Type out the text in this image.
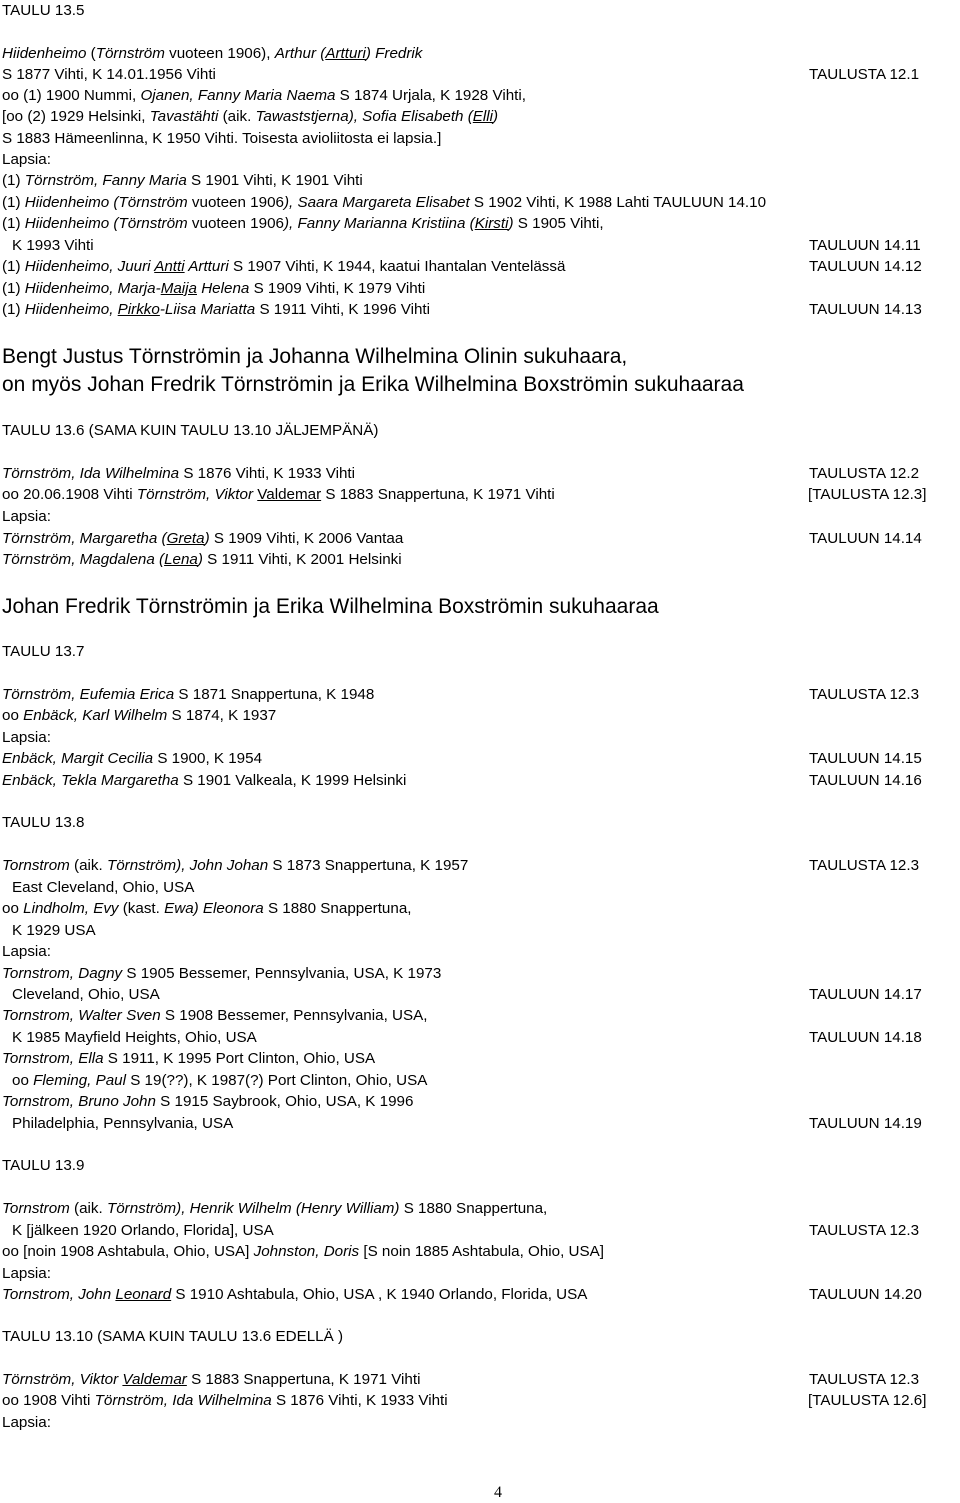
4
TAULU 13.5
Hiidenheimo (Törnström vuoteen 1906), Arthur (Artturi) Fredrik
S 1877 Vihti, K 14.01.1956 Vihti	TAULUSTA 12.1
oo (1) 1900 Nummi, Ojanen, Fanny Maria Naema S 1874 Urjala, K 1928 Vihti,
[oo (2) 1929 Helsinki, Tavastähti (aik. Tawaststjerna), Sofia Elisabeth (Elli)
S 1883 Hämeenlinna, K 1950 Vihti. Toisesta avioliitosta ei lapsia.]
Lapsia:
(1) Törnström, Fanny Maria S 1901 Vihti, K 1901 Vihti
(1) Hiidenheimo (Törnström vuoteen 1906), Saara Margareta Elisabet S 1902 Vihti, K 1988 Lahti TAULUUN 14.10
(1) Hiidenheimo (Törnström vuoteen 1906), Fanny Marianna Kristiina (Kirsti) S 1905 Vihti,
K 1993 Vihti	TAULUUN 14.11
(1) Hiidenheimo, Juuri Antti Artturi S 1907 Vihti, K 1944, kaatui Ihantalan Ventelässä	TAULUUN 14.12
(1) Hiidenheimo, Marja-Maija Helena S 1909 Vihti, K 1979 Vihti
(1) Hiidenheimo, Pirkko-Liisa Mariatta S 1911 Vihti, K 1996 Vihti	TAULUUN 14.13
Bengt Justus Törnströmin ja Johanna Wilhelmina Olinin sukuhaara,
on myös Johan Fredrik Törnströmin ja Erika Wilhelmina Boxströmin sukuhaaraa
TAULU 13.6 (SAMA KUIN TAULU 13.10 JÄLJEMPÄNÄ)
Törnström, Ida Wilhelmina S 1876 Vihti, K 1933 Vihti	TAULUSTA 12.2
oo 20.06.1908 Vihti Törnström, Viktor Valdemar S 1883 Snappertuna, K 1971 Vihti	[TAULUSTA 12.3]
Lapsia:
Törnström, Margaretha (Greta) S 1909 Vihti, K 2006 Vantaa	TAULUUN 14.14
Törnström, Magdalena (Lena) S 1911 Vihti, K 2001 Helsinki
Johan Fredrik Törnströmin ja Erika Wilhelmina Boxströmin sukuhaaraa
TAULU 13.7
Törnström, Eufemia Erica S 1871 Snappertuna, K 1948	TAULUSTA 12.3
oo Enbäck, Karl Wilhelm S 1874, K 1937
Lapsia:
Enbäck, Margit Cecilia S 1900, K 1954	TAULUUN 14.15
Enbäck, Tekla Margaretha S 1901 Valkeala, K 1999 Helsinki	TAULUUN 14.16
TAULU 13.8
Tornstrom (aik. Törnström), John Johan S 1873 Snappertuna, K 1957	TAULUSTA 12.3
East Cleveland, Ohio, USA
oo Lindholm, Evy (kast. Ewa) Eleonora S 1880 Snappertuna,
K 1929 USA
Lapsia:
Tornstrom, Dagny S 1905 Bessemer, Pennsylvania, USA, K 1973
Cleveland, Ohio, USA	TAULUUN 14.17
Tornstrom, Walter Sven S 1908 Bessemer, Pennsylvania, USA,
K 1985 Mayfield Heights, Ohio, USA	TAULUUN 14.18
Tornstrom, Ella S 1911, K 1995 Port Clinton, Ohio, USA
oo Fleming, Paul S 19(??), K 1987(?) Port Clinton, Ohio, USA
Tornstrom, Bruno John S 1915 Saybrook, Ohio, USA, K 1996
Philadelphia, Pennsylvania, USA	TAULUUN 14.19
TAULU 13.9
Tornstrom (aik. Törnström), Henrik Wilhelm (Henry William) S 1880 Snappertuna,
K [jälkeen 1920 Orlando, Florida], USA	TAULUSTA 12.3
oo [noin 1908 Ashtabula, Ohio, USA] Johnston, Doris [S noin 1885 Ashtabula, Ohio, USA]
Lapsia:
Tornstrom, John Leonard S 1910 Ashtabula, Ohio, USA , K 1940 Orlando, Florida, USA	TAULUUN 14.20
TAULU 13.10 (SAMA KUIN TAULU 13.6 EDELLÄ )
Törnström, Viktor Valdemar S 1883 Snappertuna, K 1971 Vihti	TAULUSTA 12.3
oo 1908 Vihti Törnström, Ida Wilhelmina S 1876 Vihti, K 1933 Vihti	[TAULUSTA 12.6]
Lapsia:
